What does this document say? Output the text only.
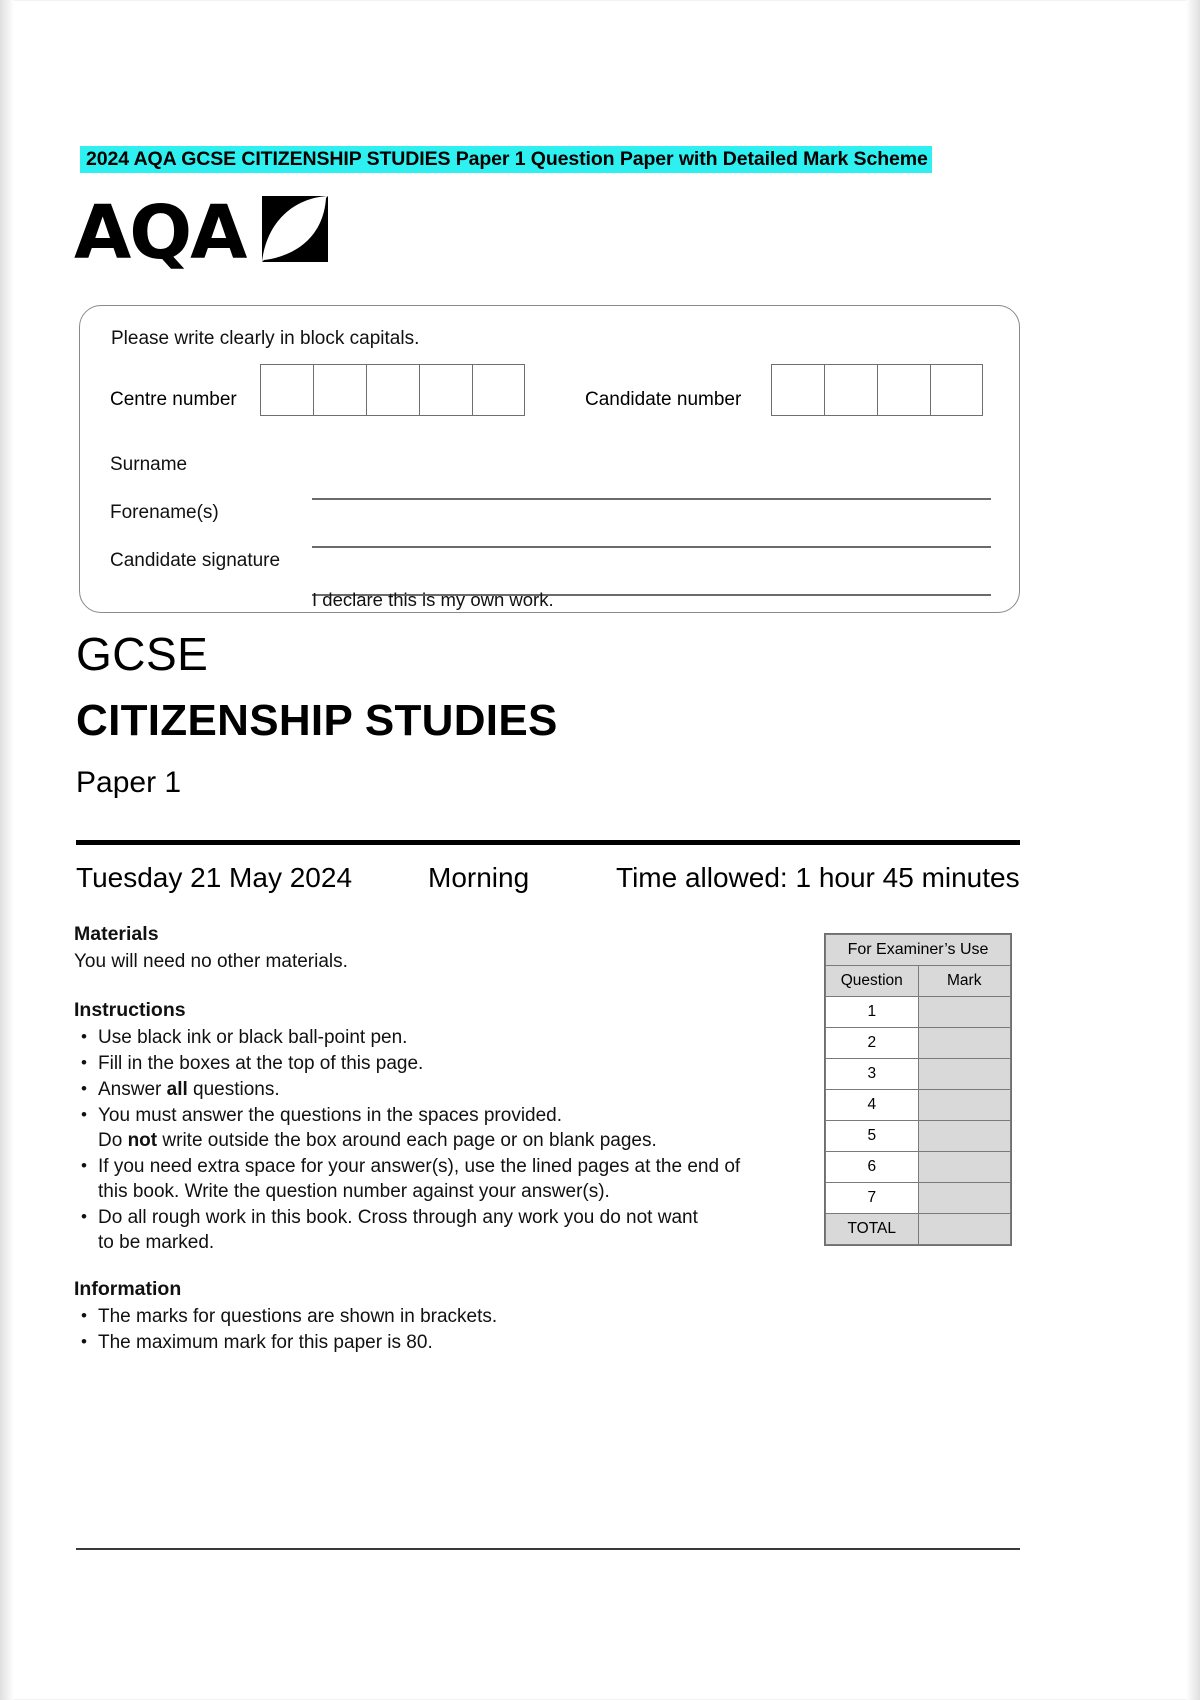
2024 AQA GCSE CITIZENSHIP STUDIES Paper 1 Question Paper with Detailed Mark Scheme
AQA
Please write clearly in block capitals.
Centre number	Candidate number
Surname
Forename(s)
Candidate signature
I declare this is my own work.
GCSE
CITIZENSHIP STUDIES
Paper 1
Tuesday 21 May 2024	Morning	Time allowed: 1 hour 45 minutes
Materials

You will need no other materials.

Instructions
• Use black ink or black ball-point pen.
• Fill in the boxes at the top of this page.
• Answer all questions.
• You must answer the questions in the spaces provided.
Do not write outside the box around each page or on blank pages.
• If you need extra space for your answer(s), use the lined pages at the end of
this book. Write the question number against your answer(s).
• Do all rough work in this book. Cross through any work you do not want
to be marked.
Information
• The marks for questions are shown in brackets.
• The maximum mark for this paper is 80.
For Examiner’s Use	
Question	Mark
1	
2	
3	
4	
5	
6	
7	
TOTAL	
